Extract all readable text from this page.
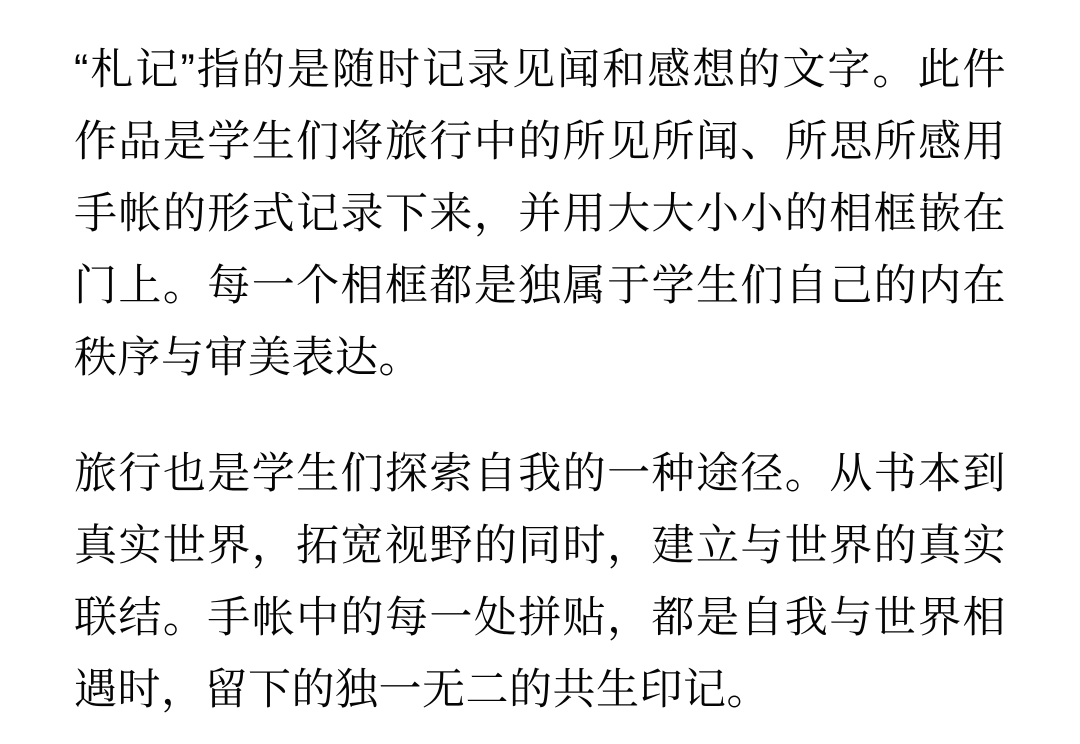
“札记”指的是随时记录见闻和感想的文字。此件作品是学生们将旅行中的所见所闻、所思所感用手帐的形式记录下来，并用大大小小的相框嵌在门上。每一个相框都是独属于学生们自己的内在秩序与审美表达。

旅行也是学生们探索自我的一种途径。从书本到真实世界，拓宽视野的同时，建立与世界的真实联结。手帐中的每一处拼贴，都是自我与世界相遇时，留下的独一无二的共生印记。
